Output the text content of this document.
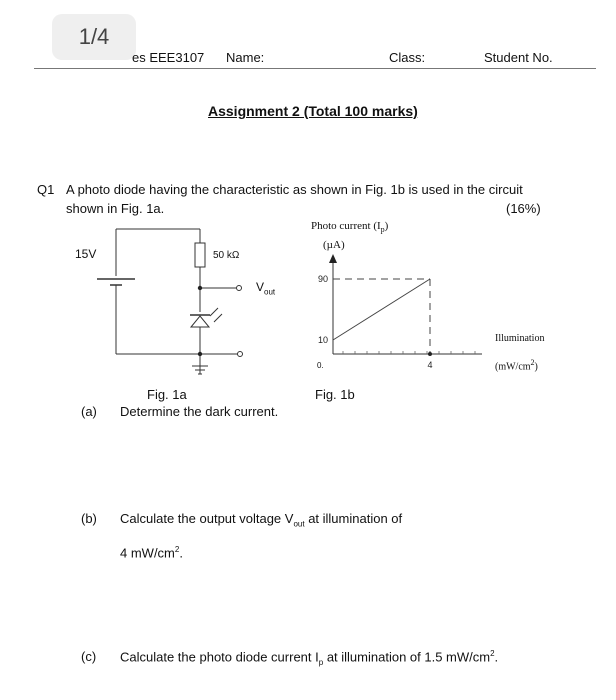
1/4
es EEE3107 Name:	Class:	Student No.
Assignment 2 (Total 100 marks)
Q1 A photo diode having the characteristic as shown in Fig. 1b is used in the circuit
shown in Fig. 1a.	(16%)
15V	50 kΩ
$V_{out}$
Fig. 1a
Photo current $(I_p)$
(µA)
90
10
4
0.
Illumination
$(mW/cm^2)$
Fig. 1b
(a) Determine the dark current.
(b) Calculate the output voltage $V_{out}$ at illumination of
4 $mW/cm^2$.
(c) Calculate the photo diode current $I_p$ at illumination of 1.5 $mW/cm^2$.
